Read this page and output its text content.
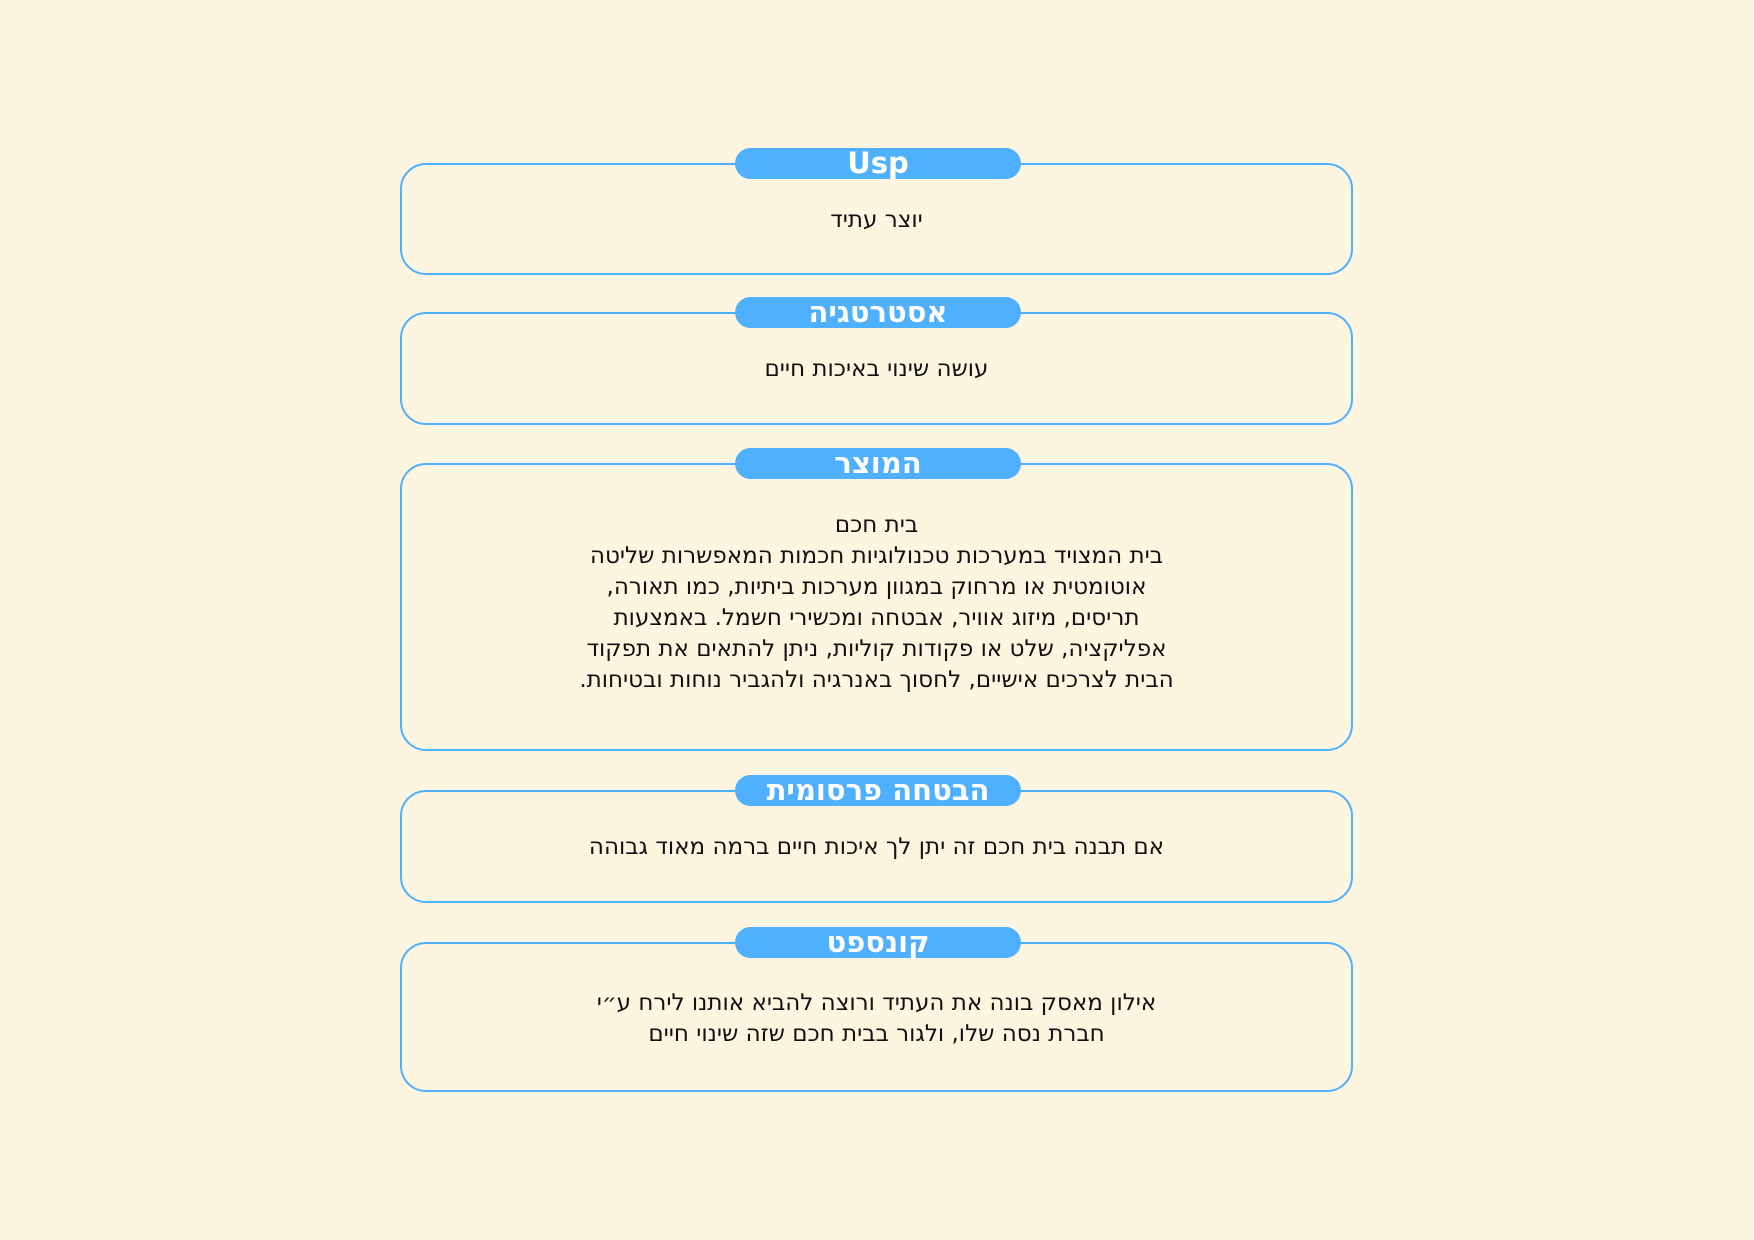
Usp
יוצר עתיד
אסטרטגיה
עושה שינוי באיכות חיים
המוצר
בית חכם
בית המצויד במערכות טכנולוגיות חכמות המאפשרות שליטה
אוטומטית או מרחוק במגוון מערכות ביתיות, כמו תאורה,
תריסים, מיזוג אוויר, אבטחה ומכשירי חשמל. באמצעות
אפליקציה, שלט או פקודות קוליות, ניתן להתאים את תפקוד
הבית לצרכים אישיים, לחסוך באנרגיה ולהגביר נוחות ובטיחות.
הבטחה פרסומית
אם תבנה בית חכם זה יתן לך איכות חיים ברמה מאוד גבוהה
קונספט
אילון מאסק בונה את העתיד ורוצה להביא אותנו לירח ע״י
חברת נסה שלו, ולגור בבית חכם שזה שינוי חיים
